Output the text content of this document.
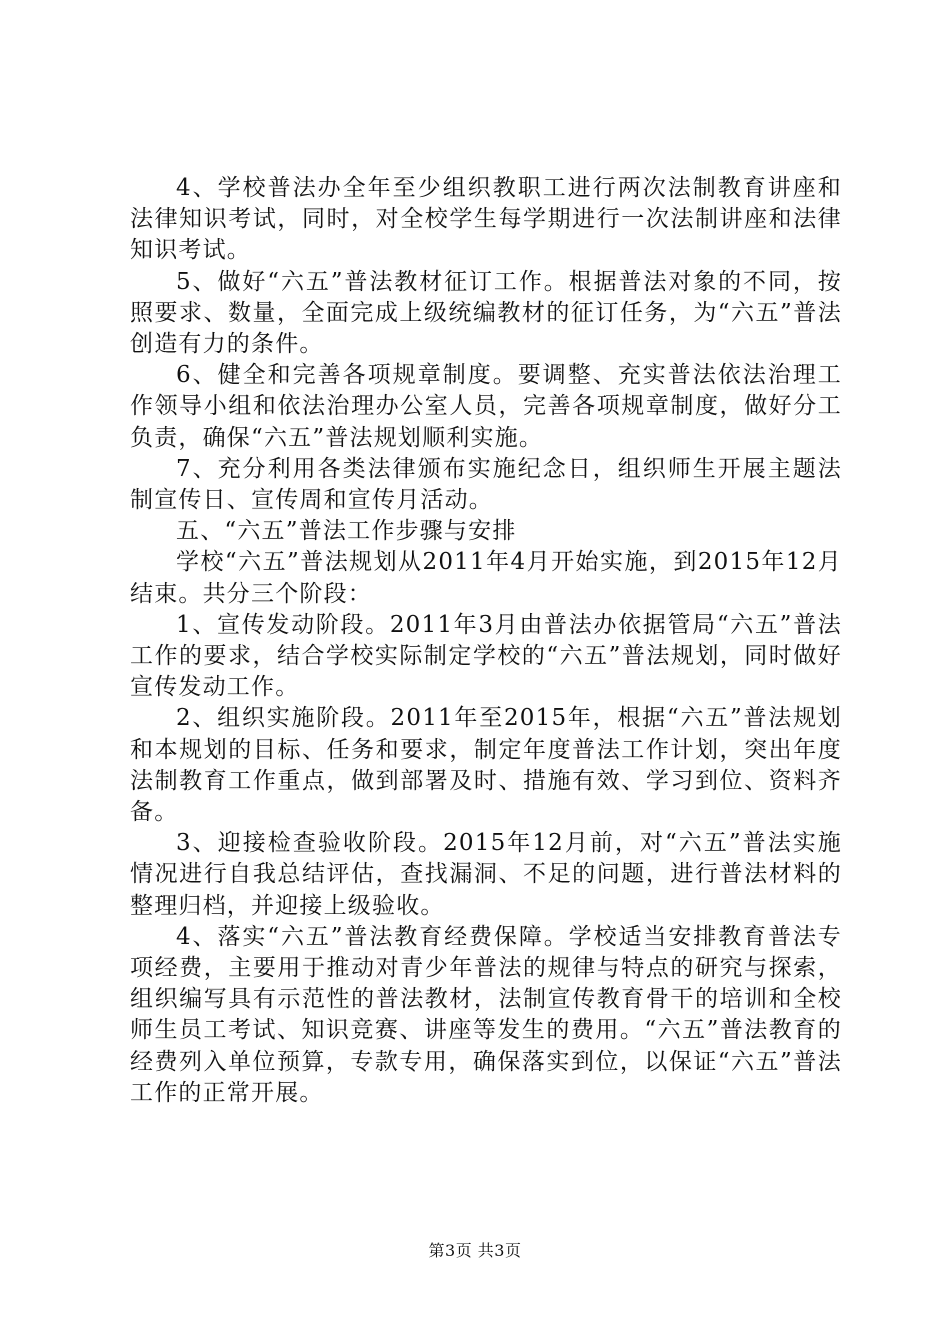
4、学校普法办全年至少组织教职工进行两次法制教育讲座和法律知识考试，同时，对全校学生每学期进行一次法制讲座和法律知识考试。

5、做好“六五”普法教材征订工作。根据普法对象的不同，按照要求、数量，全面完成上级统编教材的征订任务，为“六五”普法创造有力的条件。

6、健全和完善各项规章制度。要调整、充实普法依法治理工作领导小组和依法治理办公室人员，完善各项规章制度，做好分工负责，确保“六五”普法规划顺利实施。

7、充分利用各类法律颁布实施纪念日，组织师生开展主题法制宣传日、宣传周和宣传月活动。

五、“六五”普法工作步骤与安排

学校“六五”普法规划从2011年4月开始实施，到2015年12月结束。共分三个阶段：

1、宣传发动阶段。2011年3月由普法办依据管局“六五”普法工作的要求，结合学校实际制定学校的“六五”普法规划，同时做好宣传发动工作。

2、组织实施阶段。2011年至2015年，根据“六五”普法规划和本规划的目标、任务和要求，制定年度普法工作计划，突出年度法制教育工作重点，做到部署及时、措施有效、学习到位、资料齐备。

3、迎接检查验收阶段。2015年12月前，对“六五”普法实施情况进行自我总结评估，查找漏洞、不足的问题，进行普法材料的整理归档，并迎接上级验收。

4、落实“六五”普法教育经费保障。学校适当安排教育普法专项经费，主要用于推动对青少年普法的规律与特点的研究与探索，组织编写具有示范性的普法教材，法制宣传教育骨干的培训和全校师生员工考试、知识竞赛、讲座等发生的费用。“六五”普法教育的经费列入单位预算，专款专用，确保落实到位，以保证“六五”普法工作的正常开展。

第3页 共3页
